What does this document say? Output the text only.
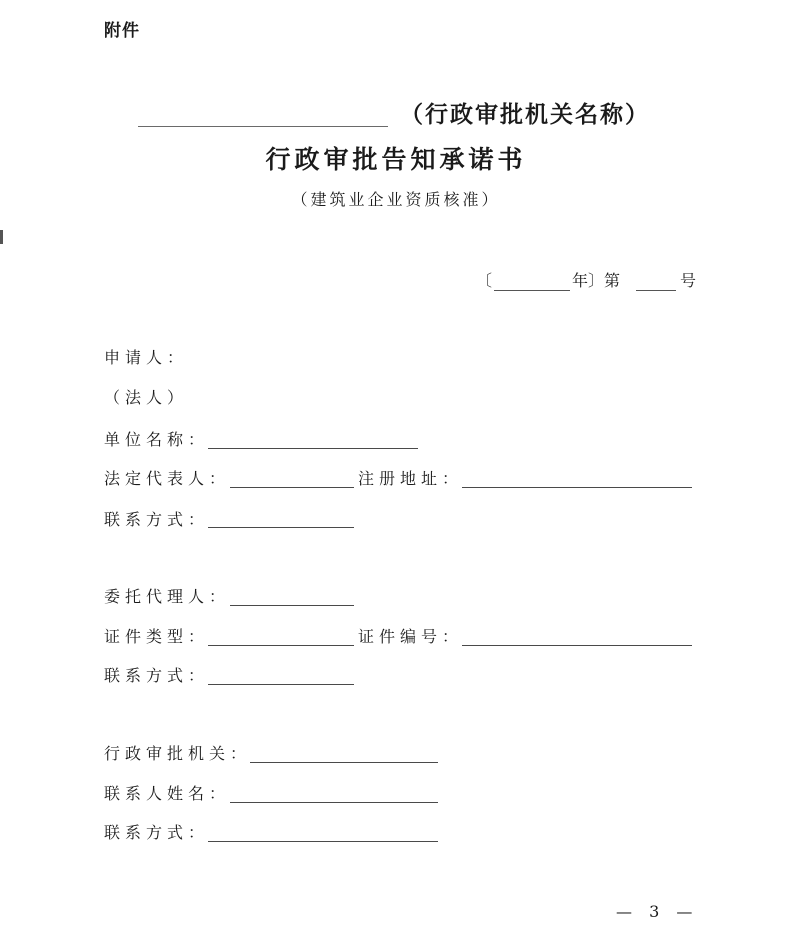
附件
（行政审批机关名称）
行政审批告知承诺书
（建筑业企业资质核准）
〔	年〕第	号
申请人：
（法人）
单位名称：
法定代表人：	注册地址：
联系方式：
委托代理人：
证件类型：	证件编号：
联系方式：
行政审批机关：
联系人姓名：
联系方式：
— 3 —
